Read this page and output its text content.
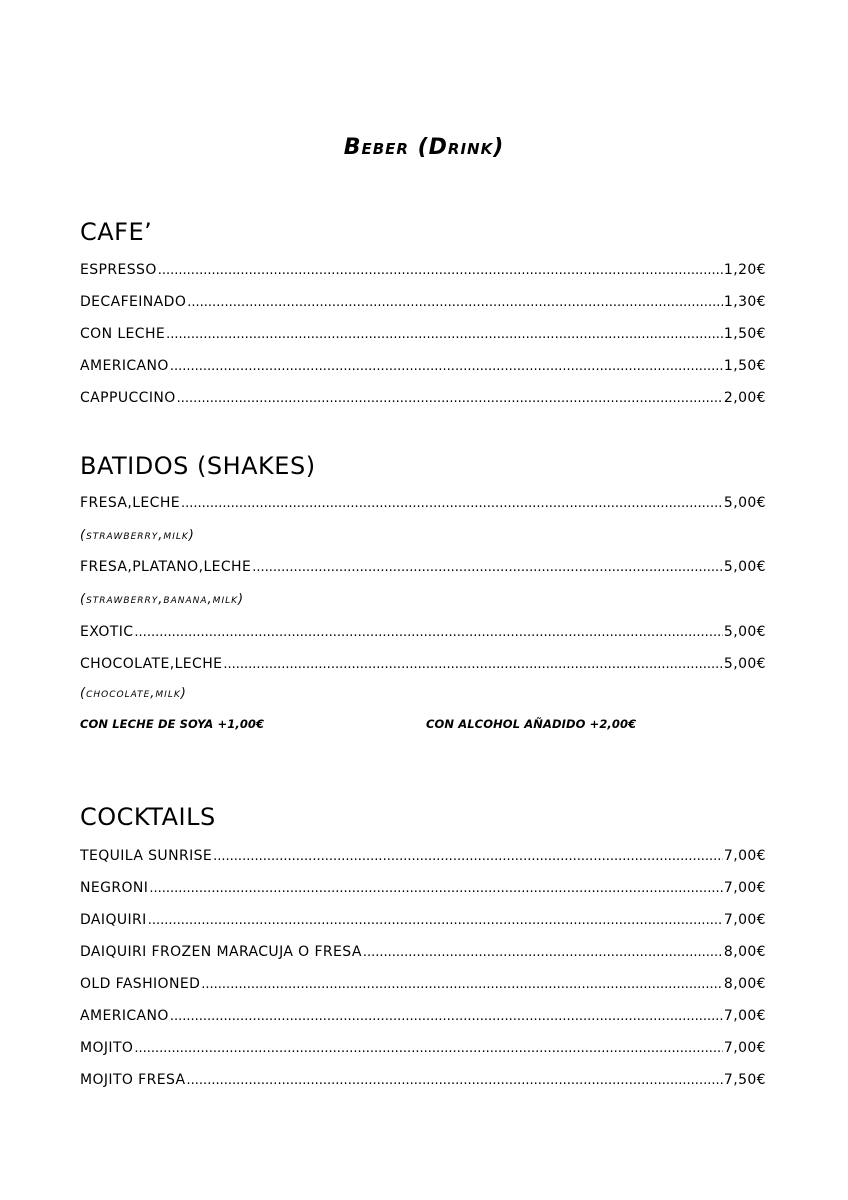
Beber (Drink)
CAFE’
ESPRESSO .....	1,20€
DECAFEINADO .....	1,30€
CON LECHE .....	1,50€
AMERICANO .....	1,50€
CAPPUCCINO .....	2,00€
BATIDOS (SHAKES)
FRESA,LECHE .....	5,00€
(strawberry,milk)
FRESA,PLATANO,LECHE .....	5,00€
(strawberry,banana,milk)
EXOTIC .....	5,00€
CHOCOLATE,LECHE .....	5,00€
(chocolate,milk)
CON LECHE DE SOYA +1,00€	CON ALCOHOL AÑADIDO +2,00€
COCKTAILS
TEQUILA SUNRISE .....	7,00€
NEGRONI .....	7,00€
DAIQUIRI .....	7,00€
DAIQUIRI FROZEN MARACUJA O FRESA .....	8,00€
OLD FASHIONED .....	8,00€
AMERICANO .....	7,00€
MOJITO .....	7,00€
MOJITO FRESA .....	7,50€
